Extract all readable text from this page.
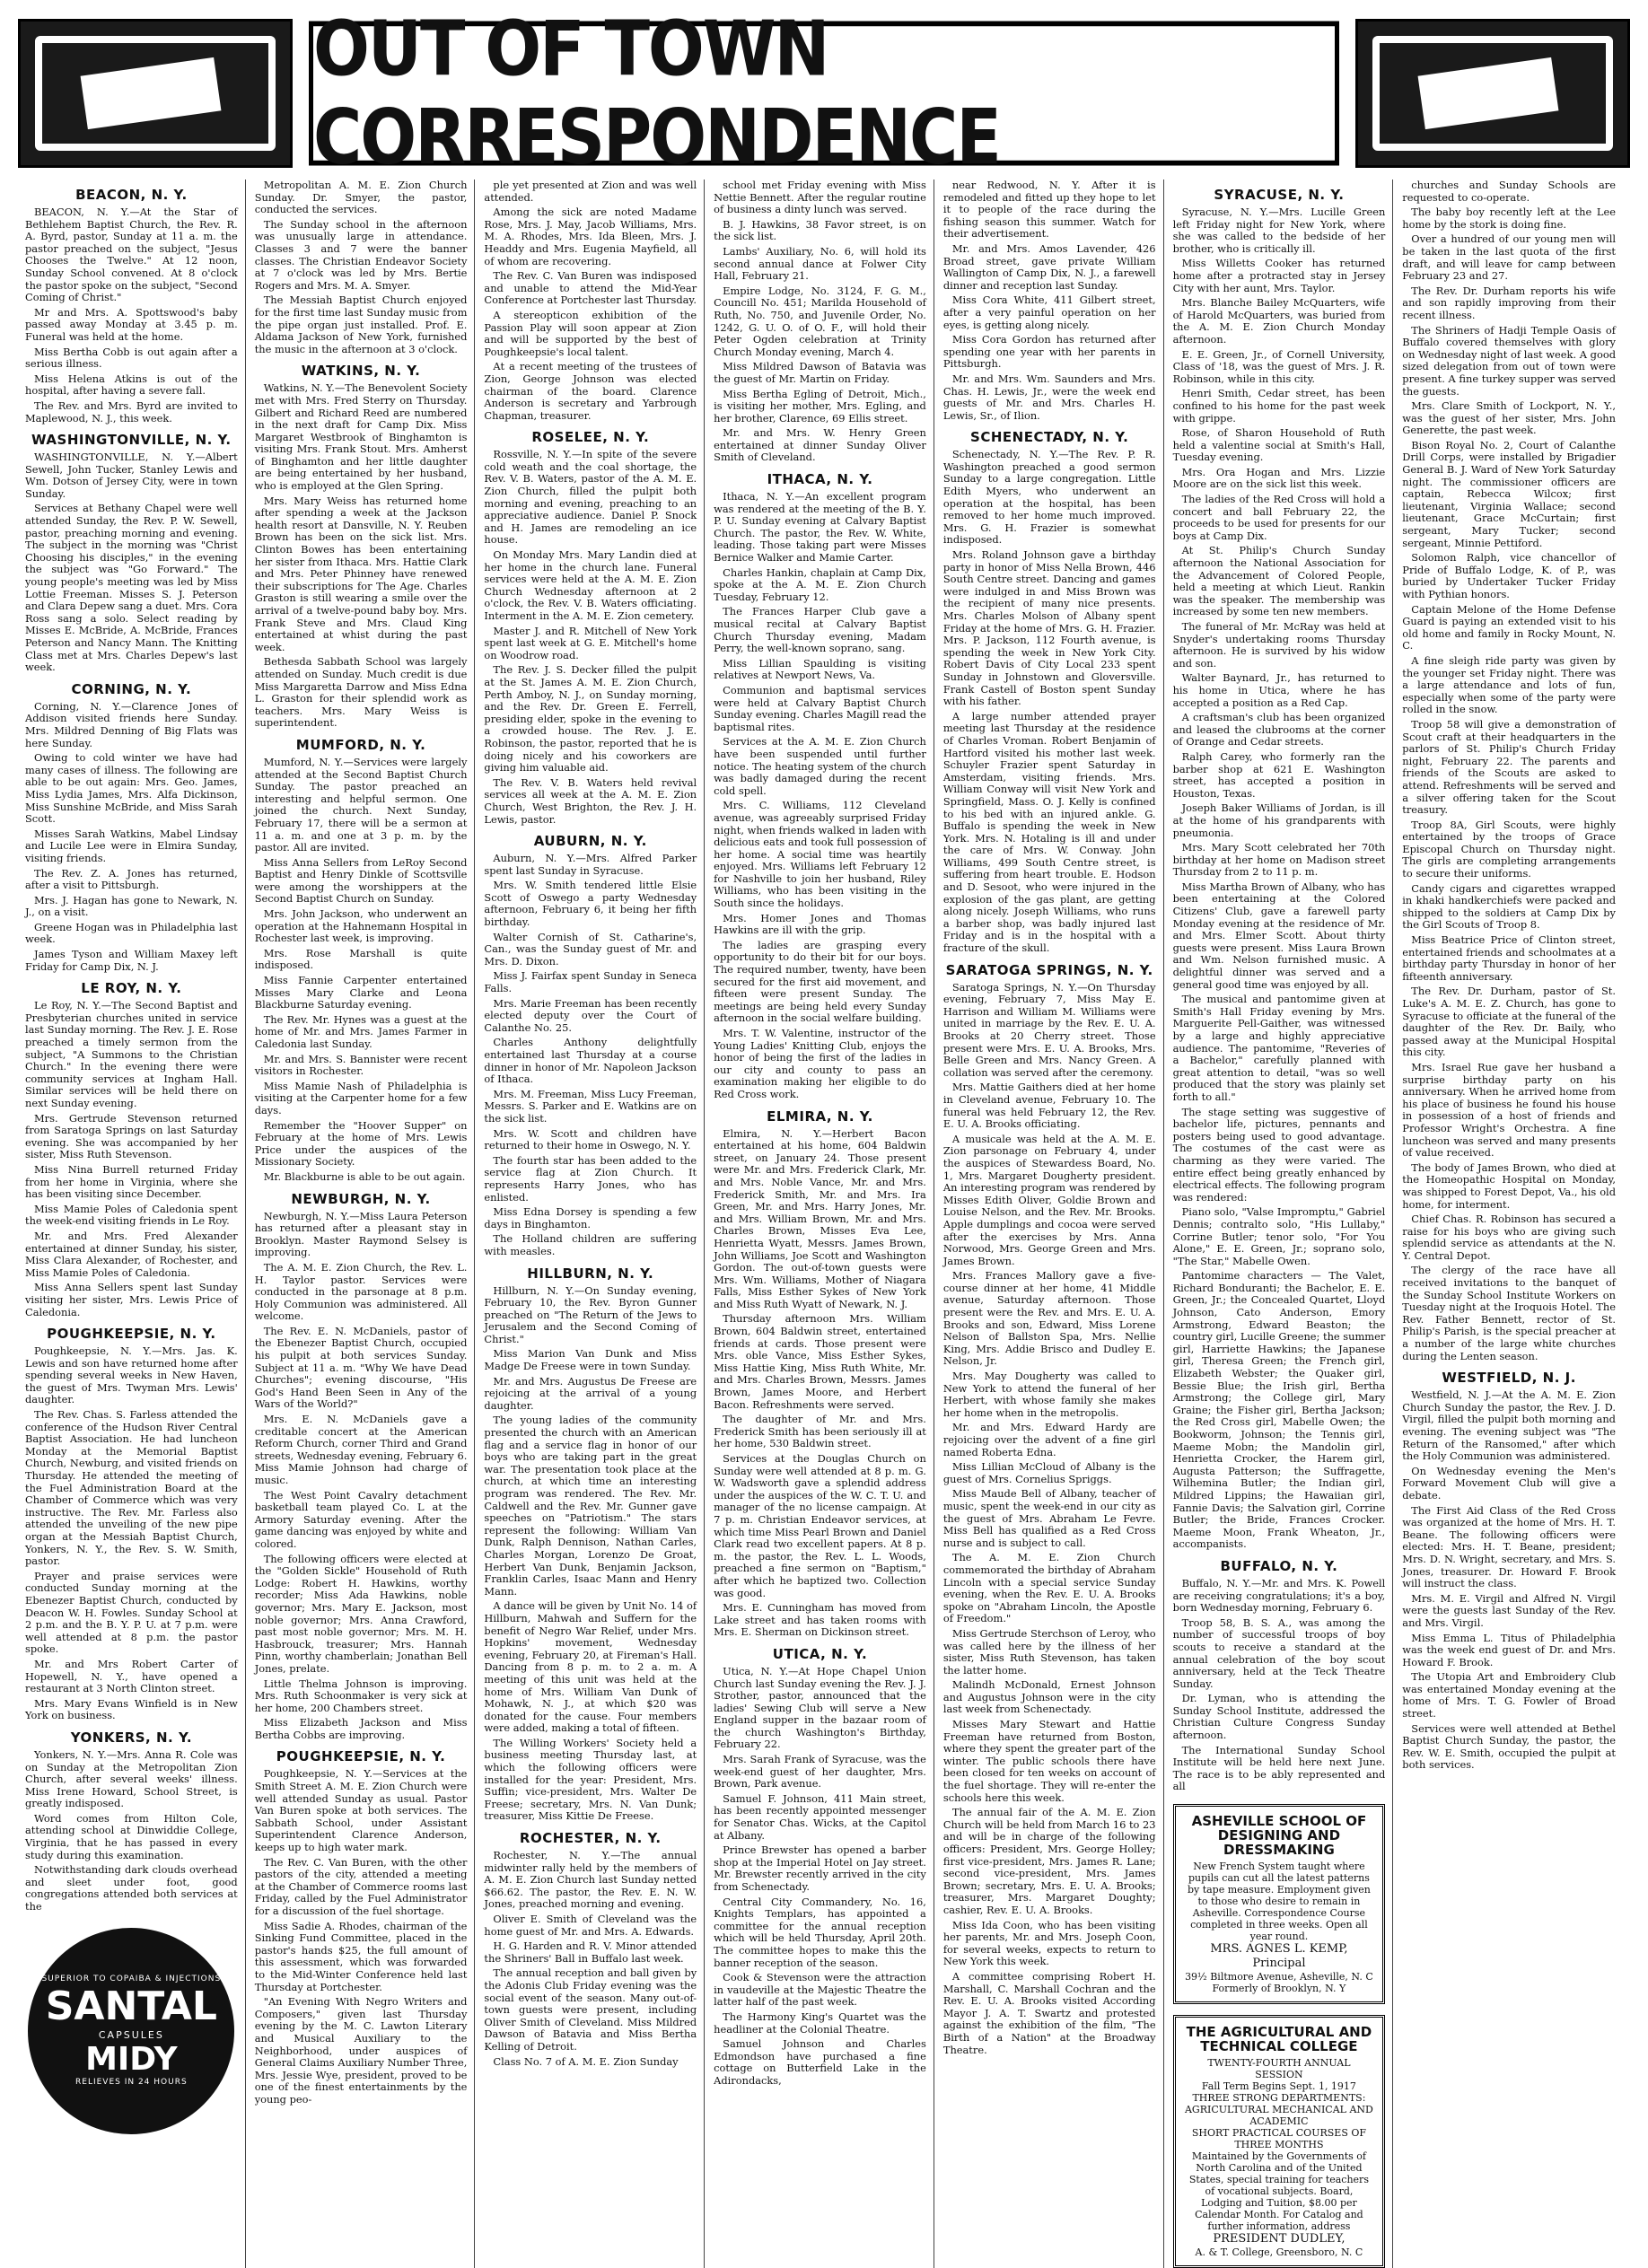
OUT OF TOWN CORRESPONDENCE
BEACON, N. Y.

BEACON, N. Y.—At the Star of Bethlehem Baptist Church, the Rev. R. A. Byrd, pastor, Sunday at 11 a. m. the pastor preached on the subject, "Jesus Chooses the Twelve." At 12 noon, Sunday School convened. At 8 o'clock the pastor spoke on the subject, "Second Coming of Christ."

Mr and Mrs. A. Spottswood's baby passed away Monday at 3.45 p. m. Funeral was held at the home.

Miss Bertha Cobb is out again after a serious illness.

Miss Helena Atkins is out of the hospital, after having a severe fall.

The Rev. and Mrs. Byrd are invited to Maplewood, N. J., this week.

WASHINGTONVILLE, N. Y.

WASHINGTONVILLE, N. Y.—Albert Sewell, John Tucker, Stanley Lewis and Wm. Dotson of Jersey City, were in town Sunday.

Services at Bethany Chapel were well attended Sunday, the Rev. P. W. Sewell, pastor, preaching morning and evening. The subject in the morning was "Christ Choosing his disciples," in the evening the subject was "Go Forward." The young people's meeting was led by Miss Lottie Freeman. Misses S. J. Peterson and Clara Depew sang a duet. Mrs. Cora Ross sang a solo. Select reading by Misses E. McBride, A. McBride, Frances Peterson and Nancy Mann. The Knitting Class met at Mrs. Charles Depew's last week.

CORNING, N. Y.

Corning, N. Y.—Clarence Jones of Addison visited friends here Sunday. Mrs. Mildred Denning of Big Flats was here Sunday.

Owing to cold winter we have had many cases of illness. The following are able to be out again: Mrs. Geo. James, Miss Lydia James, Mrs. Alfa Dickinson, Miss Sunshine McBride, and Miss Sarah Scott.

Misses Sarah Watkins, Mabel Lindsay and Lucile Lee were in Elmira Sunday, visiting friends.

The Rev. Z. A. Jones has returned, after a visit to Pittsburgh.

Mrs. J. Hagan has gone to Newark, N. J., on a visit.

Greene Hogan was in Philadelphia last week.

James Tyson and William Maxey left Friday for Camp Dix, N. J.

LE ROY, N. Y.

Le Roy, N. Y.—The Second Baptist and Presbyterian churches united in service last Sunday morning. The Rev. J. E. Rose preached a timely sermon from the subject, "A Summons to the Christian Church." In the evening there were community services at Ingham Hall. Similar services will be held there on next Sunday evening.

Mrs. Gertrude Stevenson returned from Saratoga Springs on last Saturday evening. She was accompanied by her sister, Miss Ruth Stevenson.

Miss Nina Burrell returned Friday from her home in Virginia, where she has been visiting since December.

Miss Mamie Poles of Caledonia spent the week-end visiting friends in Le Roy.

Mr. and Mrs. Fred Alexander entertained at dinner Sunday, his sister, Miss Clara Alexander, of Rochester, and Miss Mamie Poles of Caledonia.

Miss Anna Sellers spent last Sunday visiting her sister, Mrs. Lewis Price of Caledonia.

POUGHKEEPSIE, N. Y.

Poughkeepsie, N. Y.—Mrs. Jas. K. Lewis and son have returned home after spending several weeks in New Haven, the guest of Mrs. Twyman Mrs. Lewis' daughter.

The Rev. Chas. S. Farless attended the conference of the Hudson River Central Baptist Association. He had luncheon Monday at the Memorial Baptist Church, Newburg, and visited friends on Thursday. He attended the meeting of the Fuel Administration Board at the Chamber of Commerce which was very instructive. The Rev. Mr. Farless also attended the unveiling of the new pipe organ at the Messiah Baptist Church, Yonkers, N. Y., the Rev. S. W. Smith, pastor.

Prayer and praise services were conducted Sunday morning at the Ebenezer Baptist Church, conducted by Deacon W. H. Fowles. Sunday School at 2 p.m. and the B. Y. P. U. at 7 p.m. were well attended at 8 p.m. the pastor spoke.

Mr. and Mrs Robert Carter of Hopewell, N. Y., have opened a restaurant at 3 North Clinton street.

Mrs. Mary Evans Winfield is in New York on business.

YONKERS, N. Y.

Yonkers, N. Y.—Mrs. Anna R. Cole was on Sunday at the Metropolitan Zion Church, after several weeks' illness. Miss Irene Howard, School Street, is greatly indisposed.

Word comes from Hilton Cole, attending school at Dinwiddie College, Virginia, that he has passed in every study during this examination.

Notwithstanding dark clouds overhead and sleet under foot, good congregations attended both services at the

SUPERIOR TO COPAIBA & INJECTIONS
SANTAL
CAPSULES
MIDY
RELIEVES IN 24 HOURS

Metropolitan A. M. E. Zion Church Sunday. Dr. Smyer, the pastor, conducted the services.

The Sunday school in the afternoon was unusually large in attendance. Classes 3 and 7 were the banner classes. The Christian Endeavor Society at 7 o'clock was led by Mrs. Bertie Rogers and Mrs. M. A. Smyer.

The Messiah Baptist Church enjoyed for the first time last Sunday music from the pipe organ just installed. Prof. E. Aldama Jackson of New York, furnished the music in the afternoon at 3 o'clock.

WATKINS, N. Y.

Watkins, N. Y.—The Benevolent Society met with Mrs. Fred Sterry on Thursday. Gilbert and Richard Reed are numbered in the next draft for Camp Dix. Miss Margaret Westbrook of Binghamton is visiting Mrs. Frank Stout. Mrs. Amherst of Binghamton and her little daughter are being entertained by her husband, who is employed at the Glen Spring.

Mrs. Mary Weiss has returned home after spending a week at the Jackson health resort at Dansville, N. Y. Reuben Brown has been on the sick list. Mrs. Clinton Bowes has been entertaining her sister from Ithaca. Mrs. Hattie Clark and Mrs. Peter Phinney have renewed their subscriptions for The Age. Charles Graston is still wearing a smile over the arrival of a twelve-pound baby boy. Mrs. Frank Steve and Mrs. Claud King entertained at whist during the past week.

Bethesda Sabbath School was largely attended on Sunday. Much credit is due Miss Margaretta Darrow and Miss Edna L. Graston for their splendid work as teachers. Mrs. Mary Weiss is superintendent.

MUMFORD, N. Y.

Mumford, N. Y.—Services were largely attended at the Second Baptist Church Sunday. The pastor preached an interesting and helpful sermon. One joined the church. Next Sunday, February 17, there will be a sermon at 11 a. m. and one at 3 p. m. by the pastor. All are invited.

Miss Anna Sellers from LeRoy Second Baptist and Henry Dinkle of Scottsville were among the worshippers at the Second Baptist Church on Sunday.

Mrs. John Jackson, who underwent an operation at the Hahnemann Hospital in Rochester last week, is improving.

Mrs. Rose Marshall is quite indisposed.

Miss Fannie Carpenter entertained Misses Mary Clarke and Leona Blackburne Saturday evening.

The Rev. Mr. Hynes was a guest at the home of Mr. and Mrs. James Farmer in Caledonia last Sunday.

Mr. and Mrs. S. Bannister were recent visitors in Rochester.

Miss Mamie Nash of Philadelphia is visiting at the Carpenter home for a few days.

Remember the "Hoover Supper" on February at the home of Mrs. Lewis Price under the auspices of the Missionary Society.

Mr. Blackburne is able to be out again.

NEWBURGH, N. Y.

Newburgh, N. Y.—Miss Laura Peterson has returned after a pleasant stay in Brooklyn. Master Raymond Selsey is improving.

The A. M. E. Zion Church, the Rev. L. H. Taylor pastor. Services were conducted in the parsonage at 8 p.m. Holy Communion was administered. All welcome.

The Rev. E. N. McDaniels, pastor of the Ebenezer Baptist Church, occupied his pulpit at both services Sunday. Subject at 11 a. m. "Why We have Dead Churches"; evening discourse, "His God's Hand Been Seen in Any of the Wars of the World?"

Mrs. E. N. McDaniels gave a creditable concert at the American Reform Church, corner Third and Grand streets, Wednesday evening, February 6. Miss Mamie Johnson had charge of music.

The West Point Cavalry detachment basketball team played Co. L at the Armory Saturday evening. After the game dancing was enjoyed by white and colored.

The following officers were elected at the "Golden Sickle" Household of Ruth Lodge: Robert H. Hawkins, worthy recorder; Miss Ada Hawkins, noble governor; Mrs. Mary E. Jackson, most noble governor; Mrs. Anna Crawford, past most noble governor; Mrs. M. H. Hasbrouck, treasurer; Mrs. Hannah Pinn, worthy chamberlain; Jonathan Bell Jones, prelate.

Little Thelma Johnson is improving. Mrs. Ruth Schoonmaker is very sick at her home, 200 Chambers street.

Miss Elizabeth Jackson and Miss Bertha Cobbs are improving.

POUGHKEEPSIE, N. Y.

Poughkeepsie, N. Y.—Services at the Smith Street A. M. E. Zion Church were well attended Sunday as usual. Pastor Van Buren spoke at both services. The Sabbath School, under Assistant Superintendent Clarence Anderson, keeps up to high water mark.

The Rev. C. Van Buren, with the other pastors of the city, attended a meeting at the Chamber of Commerce rooms last Friday, called by the Fuel Administrator for a discussion of the fuel shortage.

Miss Sadie A. Rhodes, chairman of the Sinking Fund Committee, placed in the pastor's hands $25, the full amount of this assessment, which was forwarded to the Mid-Winter Conference held last Thursday at Portchester.

"An Evening With Negro Writers and Composers," given last Thursday evening by the M. C. Lawton Literary and Musical Auxiliary to the Neighborhood, under auspices of General Claims Auxiliary Number Three, Mrs. Jessie Wye, president, proved to be one of the finest entertainments by the young peo-

ple yet presented at Zion and was well attended.

Among the sick are noted Madame Rose, Mrs. J. May, Jacob Williams, Mrs. M. A. Rhodes, Mrs. Ida Bleen, Mrs. J. Headdy and Mrs. Eugenia Mayfield, all of whom are recovering.

The Rev. C. Van Buren was indisposed and unable to attend the Mid-Year Conference at Portchester last Thursday.

A stereopticon exhibition of the Passion Play will soon appear at Zion and will be supported by the best of Poughkeepsie's local talent.

At a recent meeting of the trustees of Zion, George Johnson was elected chairman of the board. Clarence Anderson is secretary and Yarbrough Chapman, treasurer.

ROSELEE, N. Y.

Rossville, N. Y.—In spite of the severe cold weath and the coal shortage, the Rev. V. B. Waters, pastor of the A. M. E. Zion Church, filled the pulpit both morning and evening, preaching to an appreciative audience. Daniel P. Snock and H. James are remodeling an ice house.

On Monday Mrs. Mary Landin died at her home in the church lane. Funeral services were held at the A. M. E. Zion Church Wednesday afternoon at 2 o'clock, the Rev. V. B. Waters officiating. Interment in the A. M. E. Zion cemetery.

Master J. and R. Mitchell of New York spent last week at G. E. Mitchell's home on Woodrow road.

The Rev. J. S. Decker filled the pulpit at the St. James A. M. E. Zion Church, Perth Amboy, N. J., on Sunday morning, and the Rev. Dr. Green E. Ferrell, presiding elder, spoke in the evening to a crowded house. The Rev. J. E. Robinson, the pastor, reported that he is doing nicely and his coworkers are giving him valuable aid.

The Rev. V. B. Waters held revival services all week at the A. M. E. Zion Church, West Brighton, the Rev. J. H. Lewis, pastor.

AUBURN, N. Y.

Auburn, N. Y.—Mrs. Alfred Parker spent last Sunday in Syracuse.

Mrs. W. Smith tendered little Elsie Scott of Oswego a party Wednesday afternoon, February 6, it being her fifth birthday.

Walter Cornish of St. Catharine's, Can., was the Sunday guest of Mr. and Mrs. D. Dixon.

Miss J. Fairfax spent Sunday in Seneca Falls.

Mrs. Marie Freeman has been recently elected deputy over the Court of Calanthe No. 25.

Charles Anthony delightfully entertained last Thursday at a course dinner in honor of Mr. Napoleon Jackson of Ithaca.

Mrs. M. Freeman, Miss Lucy Freeman, Messrs. S. Parker and E. Watkins are on the sick list.

Mrs. W. Scott and children have returned to their home in Oswego, N. Y.

The fourth star has been added to the service flag at Zion Church. It represents Harry Jones, who has enlisted.

Miss Edna Dorsey is spending a few days in Binghamton.

The Holland children are suffering with measles.

HILLBURN, N. Y.

Hillburn, N. Y.—On Sunday evening, February 10, the Rev. Byron Gunner preached on "The Return of the Jews to Jerusalem and the Second Coming of Christ."

Miss Marion Van Dunk and Miss Madge De Freese were in town Sunday.

Mr. and Mrs. Augustus De Freese are rejoicing at the arrival of a young daughter.

The young ladies of the community presented the church with an American flag and a service flag in honor of our boys who are taking part in the great war. The presentation took place at the church, at which time an interesting program was rendered. The Rev. Mr. Caldwell and the Rev. Mr. Gunner gave speeches on "Patriotism." The stars represent the following: William Van Dunk, Ralph Dennison, Nathan Carles, Charles Morgan, Lorenzo De Groat, Herbert Van Dunk, Benjamin Jackson, Franklin Carles, Isaac Mann and Henry Mann.

A dance will be given by Unit No. 14 of Hillburn, Mahwah and Suffern for the benefit of Negro War Relief, under Mrs. Hopkins' movement, Wednesday evening, February 20, at Fireman's Hall. Dancing from 8 p. m. to 2 a. m. A meeting of this unit was held at the home of Mrs. William Van Dunk of Mohawk, N. J., at which $20 was donated for the cause. Four members were added, making a total of fifteen.

The Willing Workers' Society held a business meeting Thursday last, at which the following officers were installed for the year: President, Mrs. Suffin; vice-president, Mrs. Walter De Freese; secretary, Mrs. N. Van Dunk; treasurer, Miss Kittie De Freese.

ROCHESTER, N. Y.

Rochester, N. Y.—The annual midwinter rally held by the members of A. M. E. Zion Church last Sunday netted $66.62. The pastor, the Rev. E. N. W. Jones, preached morning and evening.

Oliver E. Smith of Cleveland was the home guest of Mr. and Mrs. A. Edwards.

H. G. Harden and R. V. Minor attended the Shriners' Ball in Buffalo last week.

The annual reception and ball given by the Adonis Club Friday evening was the social event of the season. Many out-of-town guests were present, including Oliver Smith of Cleveland. Miss Mildred Dawson of Batavia and Miss Bertha Kelling of Detroit.

Class No. 7 of A. M. E. Zion Sunday

school met Friday evening with Miss Nettie Bennett. After the regular routine of business a dinty lunch was served.

B. J. Hawkins, 38 Favor street, is on the sick list.

Lambs' Auxiliary, No. 6, will hold its second annual dance at Folwer City Hall, February 21.

Empire Lodge, No. 3124, F. G. M., Councill No. 451; Marilda Household of Ruth, No. 750, and Juvenile Order, No. 1242, G. U. O. of O. F., will hold their Peter Ogden celebration at Trinity Church Monday evening, March 4.

Miss Mildred Dawson of Batavia was the guest of Mr. Martin on Friday.

Miss Bertha Egling of Detroit, Mich., is visiting her mother, Mrs. Egling, and her brother, Clarence, 69 Ellis street.

Mr. and Mrs. W. Henry Green entertained at dinner Sunday Oliver Smith of Cleveland.

ITHACA, N. Y.

Ithaca, N. Y.—An excellent program was rendered at the meeting of the B. Y. P. U. Sunday evening at Calvary Baptist Church. The pastor, the Rev. W. White, leading. Those taking part were Misses Bernice Walker and Mamie Carter.

Charles Hankin, chaplain at Camp Dix, spoke at the A. M. E. Zion Church Tuesday, February 12.

The Frances Harper Club gave a musical recital at Calvary Baptist Church Thursday evening, Madam Perry, the well-known soprano, sang.

Miss Lillian Spaulding is visiting relatives at Newport News, Va.

Communion and baptismal services were held at Calvary Baptist Church Sunday evening. Charles Magill read the baptismal rites.

Services at the A. M. E. Zion Church have been suspended until further notice. The heating system of the church was badly damaged during the recent cold spell.

Mrs. C. Williams, 112 Cleveland avenue, was agreeably surprised Friday night, when friends walked in laden with delicious eats and took full possession of her home. A social time was heartily enjoyed. Mrs. Williams left February 12 for Nashville to join her husband, Riley Williams, who has been visiting in the South since the holidays.

Mrs. Homer Jones and Thomas Hawkins are ill with the grip.

The ladies are grasping every opportunity to do their bit for our boys. The required number, twenty, have been secured for the first aid movement, and fifteen were present Sunday. The meetings are being held every Sunday afternoon in the social welfare building.

Mrs. T. W. Valentine, instructor of the Young Ladies' Knitting Club, enjoys the honor of being the first of the ladies in our city and county to pass an examination making her eligible to do Red Cross work.

ELMIRA, N. Y.

Elmira, N. Y.—Herbert Bacon entertained at his home, 604 Baldwin street, on January 24. Those present were Mr. and Mrs. Frederick Clark, Mr. and Mrs. Noble Vance, Mr. and Mrs. Frederick Smith, Mr. and Mrs. Ira Green, Mr. and Mrs. Harry Jones, Mr. and Mrs. William Brown, Mr. and Mrs. Charles Brown, Misses Eva Lee, Henrietta Wyatt, Messrs. James Brown, John Williams, Joe Scott and Washington Gordon. The out-of-town guests were Mrs. Wm. Williams, Mother of Niagara Falls, Miss Esther Sykes of New York and Miss Ruth Wyatt of Newark, N. J.

Thursday afternoon Mrs. William Brown, 604 Baldwin street, entertained friends at cards. Those present were Mrs. oble Vance, Miss Esther Sykes, Miss Hattie King, Miss Ruth White, Mr. and Mrs. Charles Brown, Messrs. James Brown, James Moore, and Herbert Bacon. Refreshments were served.

The daughter of Mr. and Mrs. Frederick Smith has been seriously ill at her home, 530 Baldwin street.

Services at the Douglas Church on Sunday were well attended at 8 p. m. G. W. Wadsworth gave a splendid address under the auspices of the W. C. T. U. and manager of the no license campaign. At 7 p. m. Christian Endeavor services, at which time Miss Pearl Brown and Daniel Clark read two excellent papers. At 8 p. m. the pastor, the Rev. L. L. Woods, preached a fine sermon on "Baptism," after which he baptized two. Collection was good.

Mrs. E. Cunningham has moved from Lake street and has taken rooms with Mrs. E. Sherman on Dickinson street.

UTICA, N. Y.

Utica, N. Y.—At Hope Chapel Union Church last Sunday evening the Rev. J. J. Strother, pastor, announced that the ladies' Sewing Club will serve a New England supper in the bazaar room of the church Washington's Birthday, February 22.

Mrs. Sarah Frank of Syracuse, was the week-end guest of her daughter, Mrs. Brown, Park avenue.

Samuel F. Johnson, 411 Main street, has been recently appointed messenger for Senator Chas. Wicks, at the Capitol at Albany.

Prince Brewster has opened a barber shop at the Imperial Hotel on Jay street. Mr. Brewster recently arrived in the city from Schenectady.

Central City Commandery, No. 16, Knights Templars, has appointed a committee for the annual reception which will be held Thursday, April 20th. The committee hopes to make this the banner reception of the season.

Cook & Stevenson were the attraction in vaudeville at the Majestic Theatre the latter half of the past week.

The Harmony King's Quartet was the headliner at the Colonial Theatre.

Samuel Johnson and Charles Edmondson have purchased a fine cottage on Butterfield Lake in the Adirondacks,

near Redwood, N. Y. After it is remodeled and fitted up they hope to let it to people of the race during the fishing season this summer. Watch for their advertisement.

Mr. and Mrs. Amos Lavender, 426 Broad street, gave private William Wallington of Camp Dix, N. J., a farewell dinner and reception last Sunday.

Miss Cora White, 411 Gilbert street, after a very painful operation on her eyes, is getting along nicely.

Miss Cora Gordon has returned after spending one year with her parents in Pittsburgh.

Mr. and Mrs. Wm. Saunders and Mrs. Chas. H. Lewis, Jr., were the week end guests of Mr. and Mrs. Charles H. Lewis, Sr., of Ilion.

SCHENECTADY, N. Y.

Schenectady, N. Y.—The Rev. P. R. Washington preached a good sermon Sunday to a large congregation. Little Edith Myers, who underwent an operation at the hospital, has been removed to her home much improved. Mrs. G. H. Frazier is somewhat indisposed.

Mrs. Roland Johnson gave a birthday party in honor of Miss Nella Brown, 446 South Centre street. Dancing and games were indulged in and Miss Brown was the recipient of many nice presents. Mrs. Charles Molson of Albany spent Friday at the home of Mrs. G. H. Frazier. Mrs. P. Jackson, 112 Fourth avenue, is spending the week in New York City. Robert Davis of City Local 233 spent Sunday in Johnstown and Gloversville. Frank Castell of Boston spent Sunday with his father.

A large number attended prayer meeting last Thursday at the residence of Charles Vroman. Robert Benjamin of Hartford visited his mother last week. Schuyler Frazier spent Saturday in Amsterdam, visiting friends. Mrs. William Conway will visit New York and Springfield, Mass. O. J. Kelly is confined to his bed with an injured ankle. G. Buffalo is spending the week in New York. Mrs. N. Hotaling is ill and under the care of Mrs. W. Conway. John Williams, 499 South Centre street, is suffering from heart trouble. E. Hodson and D. Sesoot, who were injured in the explosion of the gas plant, are getting along nicely. Joseph Williams, who runs a barber shop, was badly injured last Friday and is in the hospital with a fracture of the skull.

SARATOGA SPRINGS, N. Y.

Saratoga Springs, N. Y.—On Thursday evening, February 7, Miss May E. Harrison and William M. Williams were united in marriage by the Rev. E. U. A. Brooks at 20 Cherry street. Those present were Mrs. E. U. A. Brooks, Mrs. Belle Green and Mrs. Nancy Green. A collation was served after the ceremony.

Mrs. Mattie Gaithers died at her home in Cleveland avenue, February 10. The funeral was held February 12, the Rev. E. U. A. Brooks officiating.

A musicale was held at the A. M. E. Zion parsonage on February 4, under the auspices of Stewardess Board, No. 1, Mrs. Margaret Dougherty president. An interesting program was rendered by Misses Edith Oliver, Goldie Brown and Louise Nelson, and the Rev. Mr. Brooks. Apple dumplings and cocoa were served after the exercises by Mrs. Anna Norwood, Mrs. George Green and Mrs. James Brown.

Mrs. Frances Mallory gave a five-course dinner at her home, 41 Middle avenue, Saturday afternoon. Those present were the Rev. and Mrs. E. U. A. Brooks and son, Edward, Miss Lorene Nelson of Ballston Spa, Mrs. Nellie King, Mrs. Addie Brisco and Dudley E. Nelson, Jr.

Mrs. May Dougherty was called to New York to attend the funeral of her Herbert, with whose family she makes her home when in the metropolis.

Mr. and Mrs. Edward Hardy are rejoicing over the advent of a fine girl named Roberta Edna.

Miss Lillian McCloud of Albany is the guest of Mrs. Cornelius Spriggs.

Miss Maude Bell of Albany, teacher of music, spent the week-end in our city as the guest of Mrs. Abraham Le Fevre. Miss Bell has qualified as a Red Cross nurse and is subject to call.

The A. M. E. Zion Church commemorated the birthday of Abraham Lincoln with a special service Sunday evening, when the Rev. E. U. A. Brooks spoke on "Abraham Lincoln, the Apostle of Freedom."

Miss Gertrude Sterchson of Leroy, who was called here by the illness of her sister, Miss Ruth Stevenson, has taken the latter home.

Malindh McDonald, Ernest Johnson and Augustus Johnson were in the city last week from Schenectady.

Misses Mary Stewart and Hattie Freeman have returned from Boston, where they spent the greater part of the winter. The public schools there have been closed for ten weeks on account of the fuel shortage. They will re-enter the schools here this week.

The annual fair of the A. M. E. Zion Church will be held from March 16 to 23 and will be in charge of the following officers: President, Mrs. George Holley; first vice-president, Mrs. James R. Lane; second vice-president, Mrs. James Brown; secretary, Mrs. E. U. A. Brooks; treasurer, Mrs. Margaret Doughty; cashier, Rev. E. U. A. Brooks.

Miss Ida Coon, who has been visiting her parents, Mr. and Mrs. Joseph Coon, for several weeks, expects to return to New York this week.

A committee comprising Robert H. Marshall, C. Marshall Cochran and the Rev. E. U. A. Brooks visited According Mayor J. A. T. Swartz and protested against the exhibition of the film, "The Birth of a Nation" at the Broadway Theatre.

SYRACUSE, N. Y.

Syracuse, N. Y.—Mrs. Lucille Green left Friday night for New York, where she was called to the bedside of her brother, who is critically ill.

Miss Willetts Cooker has returned home after a protracted stay in Jersey City with her aunt, Mrs. Taylor.

Mrs. Blanche Bailey McQuarters, wife of Harold McQuarters, was buried from the A. M. E. Zion Church Monday afternoon.

E. E. Green, Jr., of Cornell University, Class of '18, was the guest of Mrs. J. R. Robinson, while in this city.

Henri Smith, Cedar street, has been confined to his home for the past week with grippe.

Rose, of Sharon Household of Ruth held a valentine social at Smith's Hall, Tuesday evening.

Mrs. Ora Hogan and Mrs. Lizzie Moore are on the sick list this week.

The ladies of the Red Cross will hold a concert and ball February 22, the proceeds to be used for presents for our boys at Camp Dix.

At St. Philip's Church Sunday afternoon the National Association for the Advancement of Colored People, held a meeting at which Lieut. Rankin was the speaker. The membership was increased by some ten new members.

The funeral of Mr. McRay was held at Snyder's undertaking rooms Thursday afternoon. He is survived by his widow and son.

Walter Baynard, Jr., has returned to his home in Utica, where he has accepted a position as a Red Cap.

A craftsman's club has been organized and leased the clubrooms at the corner of Orange and Cedar streets.

Ralph Carey, who formerly ran the barber shop at 621 E. Washington street, has accepted a position in Houston, Texas.

Joseph Baker Williams of Jordan, is ill at the home of his grandparents with pneumonia.

Mrs. Mary Scott celebrated her 70th birthday at her home on Madison street Thursday from 2 to 11 p. m.

Miss Martha Brown of Albany, who has been entertaining at the Colored Citizens' Club, gave a farewell party Monday evening at the residence of Mr. and Mrs. Elmer Scott. About thirty guests were present. Miss Laura Brown and Wm. Nelson furnished music. A delightful dinner was served and a general good time was enjoyed by all.

The musical and pantomime given at Smith's Hall Friday evening by Mrs. Marguerite Pell-Gaither, was witnessed by a large and highly appreciative audience. The pantomime, "Reveries of a Bachelor," carefully planned with great attention to detail, "was so well produced that the story was plainly set forth to all."

The stage setting was suggestive of bachelor life, pictures, pennants and posters being used to good advantage. The costumes of the cast were as charming as they were varied. The entire effect being greatly enhanced by electrical effects. The following program was rendered:

Piano solo, "Valse Impromptu," Gabriel Dennis; contralto solo, "His Lullaby," Corrine Butler; tenor solo, "For You Alone," E. E. Green, Jr.; soprano solo, "The Star," Mabelle Owen.

Pantomime characters — The Valet, Richard Bonduranti; the Bachelor, E. E. Green, Jr.; the Concealed Quartet, Lloyd Johnson, Cato Anderson, Emory Armstrong, Edward Beaston; the country girl, Lucille Greene; the summer girl, Harriette Hawkins; the Japanese girl, Theresa Green; the French girl, Elizabeth Webster; the Quaker girl, Bessie Blue; the Irish girl, Bertha Armstrong; the College girl, Mary Graine; the Fisher girl, Bertha Jackson; the Red Cross girl, Mabelle Owen; the Bookworm, Johnson; the Tennis girl, Maeme Mobn; the Mandolin girl, Henrietta Crocker, the Harem girl, Augusta Patterson; the Suffragette, Wilhemina Butler; the Indian girl, Mildred Lippins; the Hawaiian girl, Fannie Davis; the Salvation girl, Corrine Butler; the Bride, Frances Crocker. Maeme Moon, Frank Wheaton, Jr., accompanists.

BUFFALO, N. Y.

Buffalo, N. Y.—Mr. and Mrs. K. Powell are receiving congratulations; it's a boy, born Wednesday morning, February 6.

Troop 58, B. S. A., was among the number of successful troops of boy scouts to receive a standard at the annual celebration of the boy scout anniversary, held at the Teck Theatre Sunday.

Dr. Lyman, who is attending the Sunday School Institute, addressed the Christian Culture Congress Sunday afternoon.

The International Sunday School Institute will be held here next June. The race is to be ably represented and all

ASHEVILLE SCHOOL OF DESIGNING AND DRESSMAKING
New French System taught where pupils can cut all the latest patterns by tape measure. Employment given to those who desire to remain in Asheville. Correspondence Course completed in three weeks. Open all year round.
MRS. AGNES L. KEMP, Principal
39½ Biltmore Avenue, Asheville, N. C
Formerly of Brooklyn, N. Y
THE AGRICULTURAL AND TECHNICAL COLLEGE
TWENTY-FOURTH ANNUAL SESSION
Fall Term Begins Sept. 1, 1917
THREE STRONG DEPARTMENTS: AGRICULTURAL MECHANICAL AND ACADEMIC
SHORT PRACTICAL COURSES OF THREE MONTHS
Maintained by the Governments of North Carolina and of the United States, special training for teachers of vocational subjects. Board, Lodging and Tuition, $8.00 per Calendar Month. For Catalog and further information, address
PRESIDENT DUDLEY,
A. & T. College, Greensboro, N. C

churches and Sunday Schools are requested to co-operate.

The baby boy recently left at the Lee home by the stork is doing fine.

Over a hundred of our young men will be taken in the last quota of the first draft, and will leave for camp between February 23 and 27.

The Rev. Dr. Durham reports his wife and son rapidly improving from their recent illness.

The Shriners of Hadji Temple Oasis of Buffalo covered themselves with glory on Wednesday night of last week. A good sized delegation from out of town were present. A fine turkey supper was served the guests.

Mrs. Clare Smith of Lockport, N. Y., was the guest of her sister, Mrs. John Generette, the past week.

Bison Royal No. 2, Court of Calanthe Drill Corps, were installed by Brigadier General B. J. Ward of New York Saturday night. The commissioner officers are captain, Rebecca Wilcox; first lieutenant, Virginia Wallace; second lieutenant, Grace McCurtain; first sergeant, Mary Tucker; second sergeant, Minnie Pettiford.

Solomon Ralph, vice chancellor of Pride of Buffalo Lodge, K. of P., was buried by Undertaker Tucker Friday with Pythian honors.

Captain Melone of the Home Defense Guard is paying an extended visit to his old home and family in Rocky Mount, N. C.

A fine sleigh ride party was given by the younger set Friday night. There was a large attendance and lots of fun, especially when some of the party were rolled in the snow.

Troop 58 will give a demonstration of Scout craft at their headquarters in the parlors of St. Philip's Church Friday night, February 22. The parents and friends of the Scouts are asked to attend. Refreshments will be served and a silver offering taken for the Scout treasury.

Troop 8A, Girl Scouts, were highly entertained by the troops of Grace Episcopal Church on Thursday night. The girls are completing arrangements to secure their uniforms.

Candy cigars and cigarettes wrapped in khaki handkerchiefs were packed and shipped to the soldiers at Camp Dix by the Girl Scouts of Troop 8.

Miss Beatrice Price of Clinton street, entertained friends and schoolmates at a birthday party Thursday in honor of her fifteenth anniversary.

The Rev. Dr. Durham, pastor of St. Luke's A. M. E. Z. Church, has gone to Syracuse to officiate at the funeral of the daughter of the Rev. Dr. Baily, who passed away at the Municipal Hospital this city.

Mrs. Israel Rue gave her husband a surprise birthday party on his anniversary. When he arrived home from his place of business he found his house in possession of a host of friends and Professor Wright's Orchestra. A fine luncheon was served and many presents of value received.

The body of James Brown, who died at the Homeopathic Hospital on Monday, was shipped to Forest Depot, Va., his old home, for interment.

Chief Chas. R. Robinson has secured a raise for his boys who are giving such splendid service as attendants at the N. Y. Central Depot.

The clergy of the race have all received invitations to the banquet of the Sunday School Institute Workers on Tuesday night at the Iroquois Hotel. The Rev. Father Bennett, rector of St. Philip's Parish, is the special preacher at a number of the large white churches during the Lenten season.

WESTFIELD, N. J.

Westfield, N. J.—At the A. M. E. Zion Church Sunday the pastor, the Rev. J. D. Virgil, filled the pulpit both morning and evening. The evening subject was "The Return of the Ransomed," after which the Holy Communion was administered.

On Wednesday evening the Men's Forward Movement Club will give a debate.

The First Aid Class of the Red Cross was organized at the home of Mrs. H. T. Beane. The following officers were elected: Mrs. H. T. Beane, president; Mrs. D. N. Wright, secretary, and Mrs. S. Jones, treasurer. Dr. Howard F. Brook will instruct the class.

Mrs. M. E. Virgil and Alfred N. Virgil were the guests last Sunday of the Rev. and Mrs. Virgil.

Miss Emma L. Titus of Philadelphia was the week end guest of Dr. and Mrs. Howard F. Brook.

The Utopia Art and Embroidery Club was entertained Monday evening at the home of Mrs. T. G. Fowler of Broad street.

Services were well attended at Bethel Baptist Church Sunday, the pastor, the Rev. W. E. Smith, occupied the pulpit at both services.
